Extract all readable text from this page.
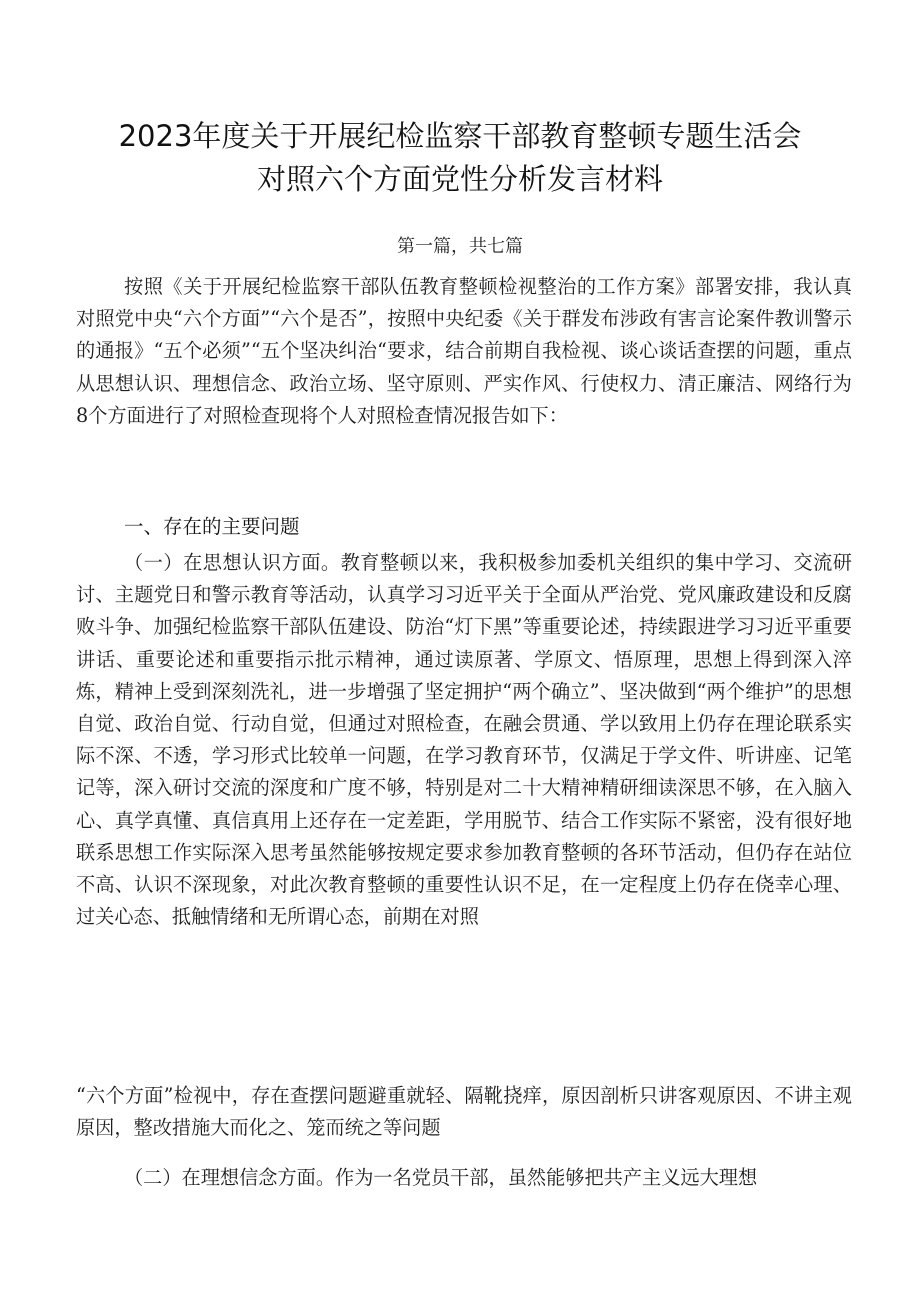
2023年度关于开展纪检监察干部教育整顿专题生活会
对照六个方面党性分析发言材料
第一篇，共七篇
按照《关于开展纪检监察干部队伍教育整顿检视整治的工作方案》部署安排，我认真对照党中央“六个方面”“六个是否”，按照中央纪委《关于群发布涉政有害言论案件教训警示的通报》“五个必须”“五个坚决纠治“要求，结合前期自我检视、谈心谈话查摆的问题，重点从思想认识、理想信念、政治立场、坚守原则、严实作风、行使权力、清正廉洁、网络行为8个方面进行了对照检查现将个人对照检查情况报告如下：
一、存在的主要问题
（一）在思想认识方面。教育整顿以来，我积极参加委机关组织的集中学习、交流研讨、主题党日和警示教育等活动，认真学习习近平关于全面从严治党、党风廉政建设和反腐败斗争、加强纪检监察干部队伍建设、防治“灯下黑”等重要论述，持续跟进学习习近平重要讲话、重要论述和重要指示批示精神，通过读原著、学原文、悟原理，思想上得到深入淬炼，精神上受到深刻洗礼，进一步增强了坚定拥护“两个确立”、坚决做到“两个维护”的思想自觉、政治自觉、行动自觉，但通过对照检查，在融会贯通、学以致用上仍存在理论联系实际不深、不透，学习形式比较单一问题，在学习教育环节，仅满足于学文件、听讲座、记笔记等，深入研讨交流的深度和广度不够，特别是对二十大精神精研细读深思不够，在入脑入心、真学真懂、真信真用上还存在一定差距，学用脱节、结合工作实际不紧密，没有很好地联系思想工作实际深入思考虽然能够按规定要求参加教育整顿的各环节活动，但仍存在站位不高、认识不深现象，对此次教育整顿的重要性认识不足，在一定程度上仍存在侥幸心理、过关心态、抵触情绪和无所谓心态，前期在对照
“六个方面”检视中，存在查摆问题避重就轻、隔靴挠痒，原因剖析只讲客观原因、不讲主观原因，整改措施大而化之、笼而统之等问题
（二）在理想信念方面。作为一名党员干部，虽然能够把共产主义远大理想
